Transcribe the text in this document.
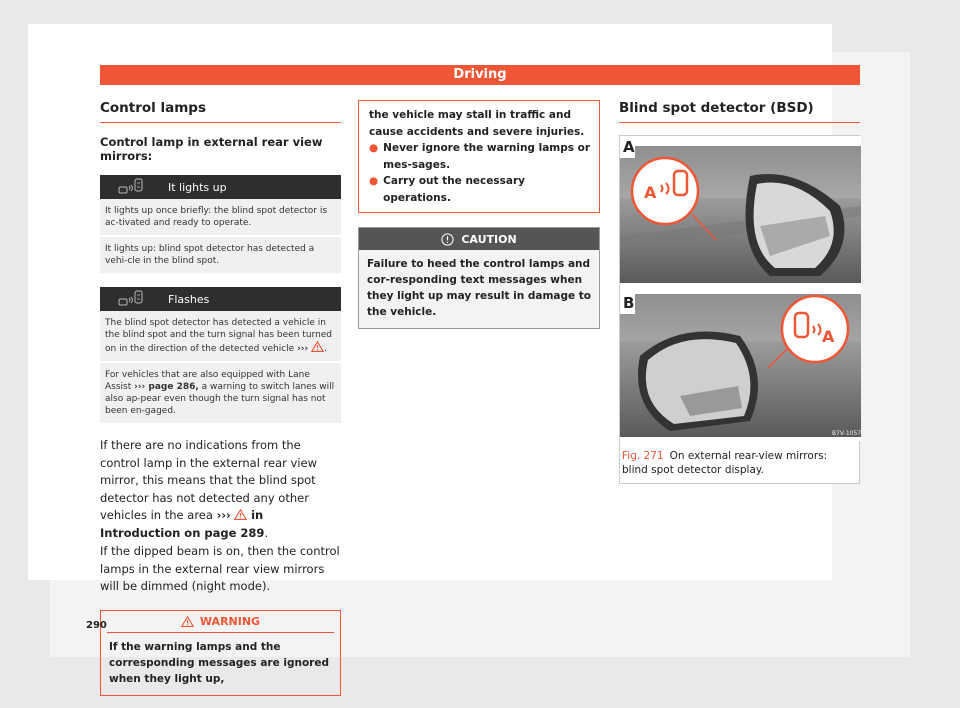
Driving
Control lamps
Control lamp in external rear view mirrors:
It lights up
It lights up once briefly: the blind spot detector is ac-tivated and ready to operate.
It lights up: blind spot detector has detected a vehi-cle in the blind spot.
Flashes
The blind spot detector has detected a vehicle in the blind spot and the turn signal has been turned on in the direction of the detected vehicle ››› .
For vehicles that are also equipped with Lane Assist ››› page 286, a warning to switch lanes will also ap-pear even though the turn signal has not been en-gaged.

If there are no indications from the control lamp in the external rear view mirror, this means that the blind spot detector has not detected any other vehicles in the area ››› in Introduction on page 289.

If the dipped beam is on, then the control lamps in the external rear view mirrors will be dimmed (night mode).

WARNING
If the warning lamps and the corresponding messages are ignored when they light up,
the vehicle may stall in traffic and cause accidents and severe injuries.
● Never ignore the warning lamps or mes-sages.
● Carry out the necessary operations.
CAUTION
Failure to heed the control lamps and cor-responding text messages when they light up may result in damage to the vehicle.
Blind spot detector (BSD)
A
A
A
B
B7V-1057
Fig. 271 On external rear-view mirrors: blind spot detector display.
290
